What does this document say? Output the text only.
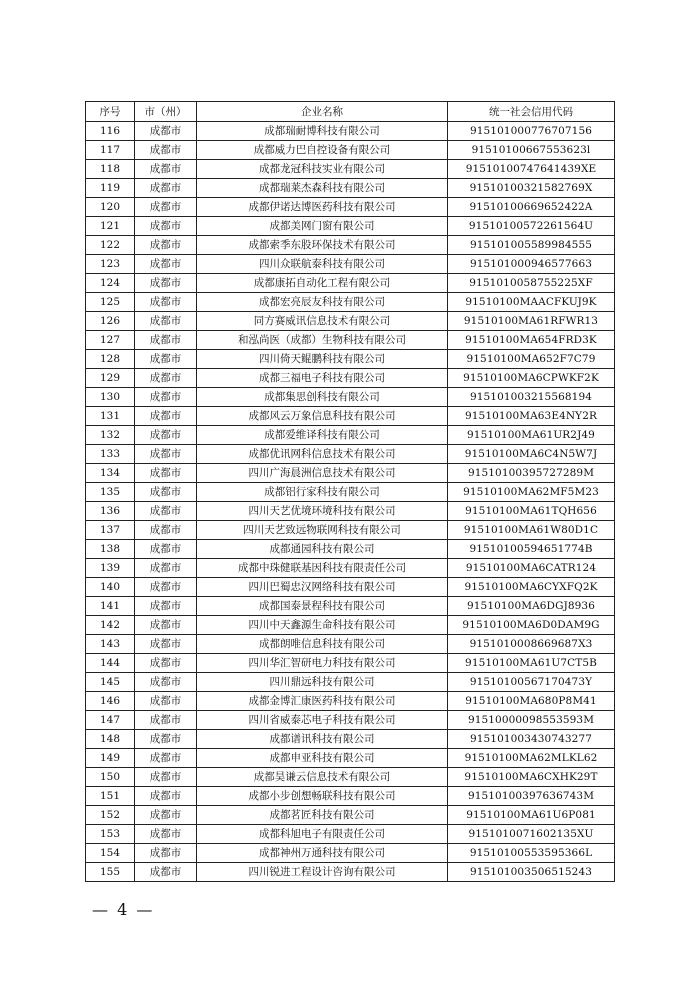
序号	市（州）	企业名称	统一社会信用代码
116	成都市	成都瑞耐博科技有限公司	915101000776707156
117	成都市	成都威力巴自控设备有限公司	91510100667553623l
118	成都市	成都龙冠科技实业有限公司	91510100747641439XE
119	成都市	成都瑞莱杰森科技有限公司	9151010032158276​9X
120	成都市	成都伊诺达博医药科技有限公司	91510100669652422A
121	成都市	成都美网门窗有限公司	91510100572261564U
122	成都市	成都索季东股环保技术有限公司	915101005589984555
123	成都市	四川众联航泰科技有限公司	915101000946577663
124	成都市	成都康拓自动化工程有限公司	91510100587552​25XF
125	成都市	成都宏亮辰友科技有限公司	91510100MAACFKUJ9K
126	成都市	同方赛威讯信息技术有限公司	91510100MA61RFWR13
127	成都市	和泓尚医（成都）生物科技有限公司	91510100MA654FRD3K
128	成都市	四川倚天鲲鹏科技有限公司	91510100MA652F7C79
129	成都市	成都三福电子科技有限公司	91510100MA6CPWKF2K
130	成都市	成都集思创科技有限公司	915101003215568194
131	成都市	成都风云万象信息科技有限公司	91510100MA63E4NY2R
132	成都市	成都爱维译科技有限公司	91510100MA61UR2J49
133	成都市	成都优讯网科信息技术有限公司	91510100MA6C4N5W7J
134	成都市	四川广海晨洲信息技术有限公司	91510100395727289M
135	成都市	成都铝行家科技有限公司	91510100MA62MF5M23
136	成都市	四川天艺优境环境科技有限公司	91510100MA61TQH656
137	成都市	四川天艺致远物联网科技有限公司	91510100MA61W80D1C
138	成都市	成都通园科技有限公司	9151010059465177​4B
139	成都市	成都中珠健联基因科技有限责任公司	91510100MA6CATR124
140	成都市	四川巴蜀忠汉网络科技有限公司	91510100MA6CYXFQ2K
141	成都市	成都国泰景程科技有限公司	91510100MA6DGJ8936
142	成都市	四川中天鑫源生命科技有限公司	91510100MA6D0DAM9G
143	成都市	成都朗唯信息科技有限公司	91510100086696​87X3
144	成都市	四川华汇智研电力科技有限公司	91510100MA61U7CT5B
145	成都市	四川鼎远科技有限公司	91510100567170473Y
146	成都市	成都金博汇康医药科技有限公司	91510100MA680P8M41
147	成都市	四川省威泰芯电子科技有限公司	91510000098553593M
148	成都市	成都谱讯科技有限公司	915101003430743277
149	成都市	成都申亚科技有限公司	91510100MA62MLKL62
150	成都市	成都昊谦云信息技术有限公司	91510100MA6CXHK29T
151	成都市	成都小步创想畅联科技有限公司	91510100397636743M
152	成都市	成都茗匠科技有限公司	91510100MA61U6P081
153	成都市	成都科旭电子有限责任公司	915101007160​2135XU
154	成都市	成都神州万通科技有限公司	91510100553595366L
155	成都市	四川锐进工程设计咨询有限公司	915101003506515243
— 4 —
